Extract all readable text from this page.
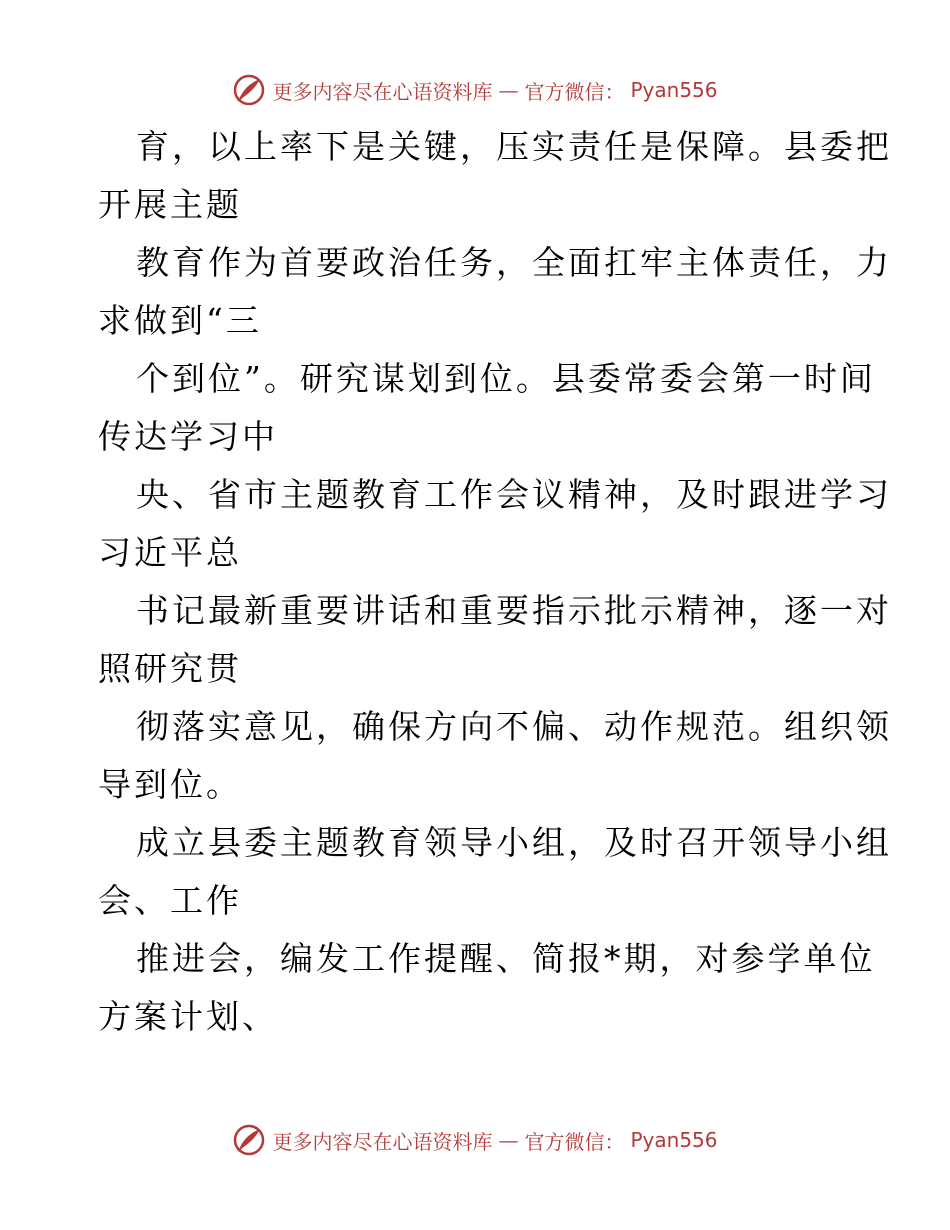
更多内容尽在心语资料库 — 官方微信： Pyan556
育，以上率下是关键，压实责任是保障。县委把
开展主题
教育作为首要政治任务，全面扛牢主体责任，力
求做到“三
个到位”。研究谋划到位。县委常委会第一时间
传达学习中
央、省市主题教育工作会议精神，及时跟进学习
习近平总
书记最新重要讲话和重要指示批示精神，逐一对
照研究贯
彻落实意见，确保方向不偏、动作规范。组织领
导到位。
成立县委主题教育领导小组，及时召开领导小组
会、工作
推进会，编发工作提醒、简报*期，对参学单位
方案计划、
更多内容尽在心语资料库 — 官方微信： Pyan556
